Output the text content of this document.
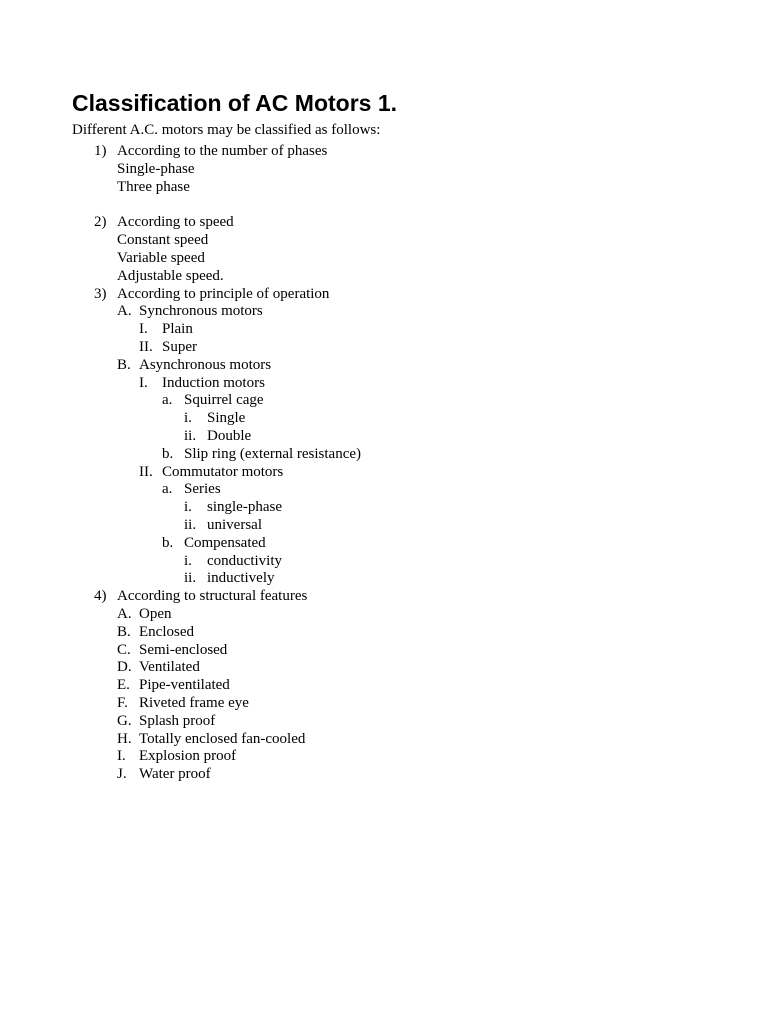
Classification of AC Motors 1.
Different A.C. motors may be classified as follows:
1) According to the number of phases
Single-phase
Three phase
2) According to speed
Constant speed
Variable speed
Adjustable speed.
3) According to principle of operation
A. Synchronous motors
I. Plain
II. Super
B. Asynchronous motors
I. Induction motors
a. Squirrel cage
i. Single
ii. Double
b. Slip ring (external resistance)
II. Commutator motors
a. Series
i. single-phase
ii. universal
b. Compensated
i. conductivity
ii. inductively
4) According to structural features
A. Open
B. Enclosed
C. Semi-enclosed
D. Ventilated
E. Pipe-ventilated
F. Riveted frame eye
G. Splash proof
H. Totally enclosed fan-cooled
I. Explosion proof
J. Water proof
